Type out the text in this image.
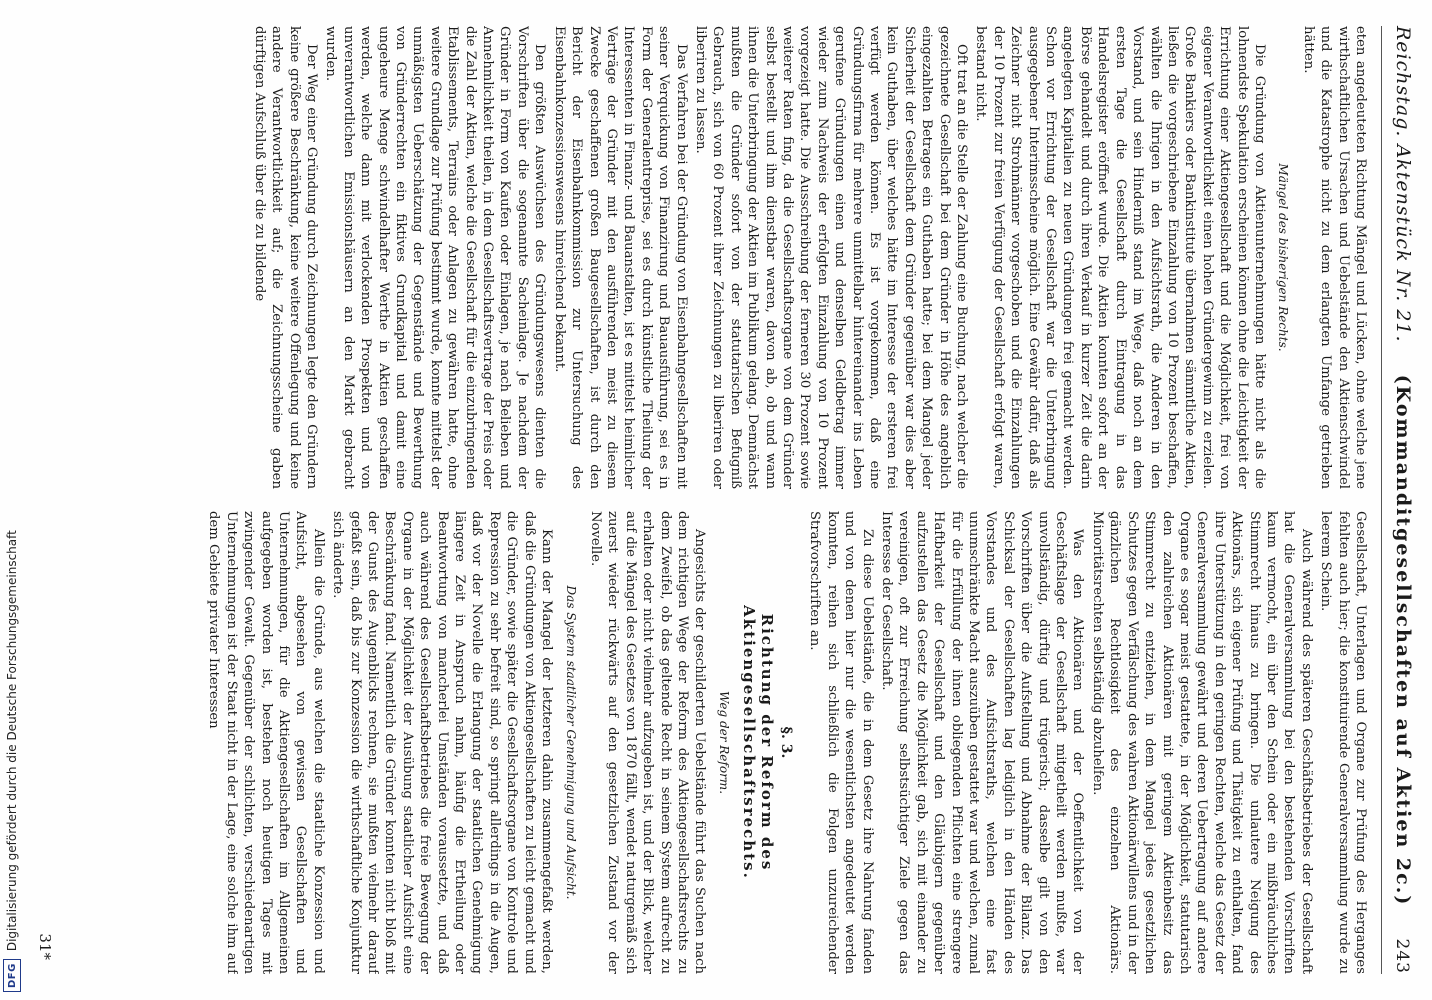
DFG
Digitalisierung gefördert durch die Deutsche Forschungsgemeinschaft
Reichstag. Aktenstück Nr. 21.
(Kommanditgesellschaften auf Aktien 2c.)
243

eten angedeuteten Richtung Mängel und Lücken, ohne welche jene wirthschaftlichen Ursachen und Uebelstände den Aktienschwindel und die Katastrophe nicht zu dem erlangten Umfange getrieben hätten.

Mängel des bisherigen Rechts.

Die Gründung von Aktienunternehmungen hätte nicht als die lohnendste Spekulation erscheinen können ohne die Leichtigkeit der Errichtung einer Aktiengesellschaft und die Möglichkeit, frei von eigener Verantwortlichkeit einen hohen Gründergewinn zu erzielen. Große Bankiers oder Bankinstitute übernahmen sämmtliche Aktien, ließen die vorgeschriebene Einzahlung von 10 Prozent beschaffen, wählten die Ihrigen in den Aufsichtsrath, die Anderen in den Vorstand, und sein Hinderniß stand im Wege, daß noch an dem ersten Tage die Gesellschaft durch Eintragung in das Handelsregister eröffnet wurde. Die Aktien konnten sofort an der Börse gehandelt und durch ihren Verkauf in kurzer Zeit die darin angelegten Kapitalien zu neuen Gründungen frei gemacht werden. Schon vor Errichtung der Gesellschaft war die Unterbringung ausgegebener Interimsscheine möglich. Eine Gewähr dafür, daß als Zeichner nicht Strohmänner vorgeschoben und die Einzahlungen der 10 Prozent zur freien Verfügung der Gesellschaft erfolgt waren, bestand nicht.

Oft trat an die Stelle der Zahlung eine Buchung, nach welcher die gezeichnete Gesellschaft bei dem Gründer in Höhe des angeblich eingezahlten Betrages ein Guthaben hatte; bei dem Mangel jeder Sicherheit der Gesellschaft dem Gründer gegenüber war dies aber kein Guthaben, über welches hätte im Interesse der ersteren frei verfügt werden können. Es ist vorgekommen, daß eine Gründungsfirma für mehrere unmittelbar hintereinander ins Leben gerufene Gründungen einen und denselben Geldbetrag immer wieder zum Nachweis der erfolgten Einzahlung von 10 Prozent vorgezeigt hatte. Die Ausschreibung der ferneren 30 Prozent sowie weiterer Raten fing, da die Gesellschaftsorgane von dem Gründer selbst bestellt und ihm dienstbar waren, davon ab, ob und wann ihnen die Unterbringung der Aktien im Publikum gelang. Demnächst mußten die Gründer sofort von der statutarischen Befugniß Gebrauch, sich von 60 Prozent ihrer Zeichnungen zu liberiren oder liberiren zu lassen.

Das Verfahren bei der Gründung von Eisenbahngesellschaften mit seiner Verquickung von Finanzirung und Bauausführung, sei es in Form der Generalentreprise, sei es durch künstliche Theilung der Interessenten in Finanz- und Bauanstalten, ist es mittelst heimlicher Verträge der Gründer mit den ausführenden meist zu diesem Zwecke geschaffenen großen Baugesellschaften, ist durch den Bericht der Eisenbahnkommission zur Untersuchung des Eisenbahnkonzessionswesens hinreichend bekannt.

Den größten Auswüchsen des Gründungswesens dienten die Vorschriften über die sogenannte Sacheinlage. Je nachdem der Gründer in Form von Kaufen oder Einlagen, je nach Belieben und Annehmlichkeit theilen, in dem Gesellschaftsvertrage der Preis oder die Zahl der Aktien, welche die Gesellschaft für die einzubringenden Etablissements, Terrains oder Anlagen zu gewähren hatte, ohne weitere Grundlage zur Prüfung bestimmt wurde, konnte mittelst der unmäßigsten Ueberschätzung der Gegenstände und Bewerthung von Gründerrechten ein fiktives Grundkapital und damit eine ungeheure Menge schwindelhafter Werthe in Aktien geschaffen werden, welche dann mit verlockenden Prospekten und von unverantwortlichen Emissionshäusern an den Markt gebracht wurden.

Der Weg einer Gründung durch Zeichnungen legte den Gründern keine größere Beschränkung, keine weitere Offenlegung und keine andere Verantwortlichkeit auf; die Zeichnungsscheine gaben dürftigen Aufschluß über die zu bildende

Gesellschaft, Unterlagen und Organe zur Prüfung des Herganges fehlten auch hier; die konstituirende Generalversammlung wurde zu leerem Schein.

Auch während des späteren Geschäftsbetriebes der Gesellschaft hat die Generalversammlung bei den bestehenden Vorschriften kaum vermocht, ein über den Schein oder ein mißbräuchliches Stimmrecht hinaus zu bringen. Die unlautere Neigung des Aktionärs, sich eigener Prüfung und Thätigkeit zu enthalten, fand ihre Unterstützung in den geringen Rechten, welche das Gesetz der Generalversammlung gewährt und deren Uebertragung auf andere Organe es sogar meist gestattete, in der Möglichkeit, statutarisch den zahlreichen Aktionären mit geringem Aktienbesitz das Stimmrecht zu entziehen, in dem Mangel jedes gesetzlichen Schutzes gegen Verfälschung des wahren Aktionärwillens und in der gänzlichen Rechtlosigkeit des einzelnen Aktionärs. Minoritätsrechten selbständig abzuhelfen.

Was den Aktionären und der Oeffentlichkeit von der Geschäftslage der Gesellschaft mitgetheilt werden mußte, war unvollständig, dürftig und trügerisch; dasselbe gilt von den Vorschriften über die Aufstellung und Abnahme der Bilanz. Das Schicksal der Gesellschaften lag lediglich in den Händen des Vorstandes und des Aufsichtsraths, welchen eine fast unumschränkte Macht auszuüben gestattet war und welchen, zumal für die Erfüllung der ihnen obliegenden Pflichten eine strengere Haftbarkeit der Gesellschaft und den Gläubigern gegenüber aufzustellen das Gesetz die Möglichkeit gab, sich mit einander zu vereinigen, oft zur Erreichung selbstsüchtiger Ziele gegen das Interesse der Gesellschaft.

Zu diese Uebelstände, die in dem Gesetz ihre Nahrung fanden und von denen hier nur die wesentlichsten angedeutet werden konnten, reihen sich schließlich die Folgen unzureichender Strafvorschriften an.

§. 3.
Richtung der Reform des Aktiengesellschaftsrechts.
Weg der Reform.

Angesichts der geschilderten Uebelstände führt das Suchen nach dem richtigen Wege der Reform des Aktiengesellschaftsrechts zu dem Zweifel, ob das geltende Recht in seinem System aufrecht zu erhalten oder nicht vielmehr aufzugeben ist, und der Blick, welcher auf die Mängel des Gesetzes von 1870 fällt, wendet naturgemäß sich zuerst wieder rückwärts auf den gesetzlichen Zustand vor der Novelle.

Das System staatlicher Genehmigung und Aufsicht.

Kann der Mangel der letzteren dahin zusammengefaßt werden, daß die Gründungen von Aktiengesellschaften zu leicht gemacht und die Gründer, sowie später die Gesellschaftsorgane von Kontrole und Repression zu sehr befreit sind, so springt allerdings in die Augen, daß vor der Novelle die Erlangung der staatlichen Genehmigung längere Zeit in Anspruch nahm, häufig die Ertheilung oder Beantwortung von mancherlei Umständen voraussetzte, und daß auch während des Gesellschaftsbetriebes die freie Bewegung der Organe in der Möglichkeit der Ausübung staatlicher Aufsicht eine Beschränkung fand. Namentlich die Gründer konnten nicht bloß mit der Gunst des Augenblicks rechnen, sie mußten vielmehr darauf gefaßt sein, daß bis zur Konzession die wirthschaftliche Konjunktur sich änderte.

Allein die Gründe, aus welchen die staatliche Konzession und Aufsicht, abgesehen von gewissen Gesellschaften und Unternehmungen, für die Aktiengesellschaften im Allgemeinen aufgegeben worden ist, bestehen noch heutigen Tages mit zwingender Gewalt. Gegenüber der schlichten, verschiedenartigen Unternehmungen ist der Staat nicht in der Lage, eine solche ihm auf dem Gebiete privater Interessen

31*
